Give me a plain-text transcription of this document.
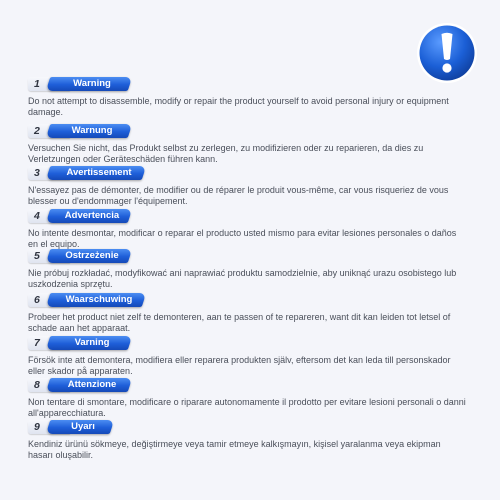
1	Warning

Do not attempt to disassemble, modify or repair the product yourself to avoid personal injury or equipment damage.

2	Warnung

Versuchen Sie nicht, das Produkt selbst zu zerlegen, zu modifizieren oder zu reparieren, da dies zu Verletzungen oder Geräteschäden führen kann.

3	Avertissement

N'essayez pas de démonter, de modifier ou de réparer le produit vous-même, car vous risqueriez de vous blesser ou d'endommager l'équipement.

4	Advertencia

No intente desmontar, modificar o reparar el producto usted mismo para evitar lesiones personales o daños en el equipo.

5	Ostrzeżenie

Nie próbuj rozkładać, modyfikować ani naprawiać produktu samodzielnie, aby uniknąć urazu osobistego lub uszkodzenia sprzętu.

6	Waarschuwing

Probeer het product niet zelf te demonteren, aan te passen of te repareren, want dit kan leiden tot letsel of schade aan het apparaat.

7	Varning

Försök inte att demontera, modifiera eller reparera produkten själv, eftersom det kan leda till personskador eller skador på apparaten.

8	Attenzione

Non tentare di smontare, modificare o riparare autonomamente il prodotto per evitare lesioni personali o danni all'apparecchiatura.

9	Uyarı

Kendiniz ürünü sökmeye, değiştirmeye veya tamir etmeye kalkışmayın, kişisel yaralanma veya ekipman hasarı oluşabilir.
